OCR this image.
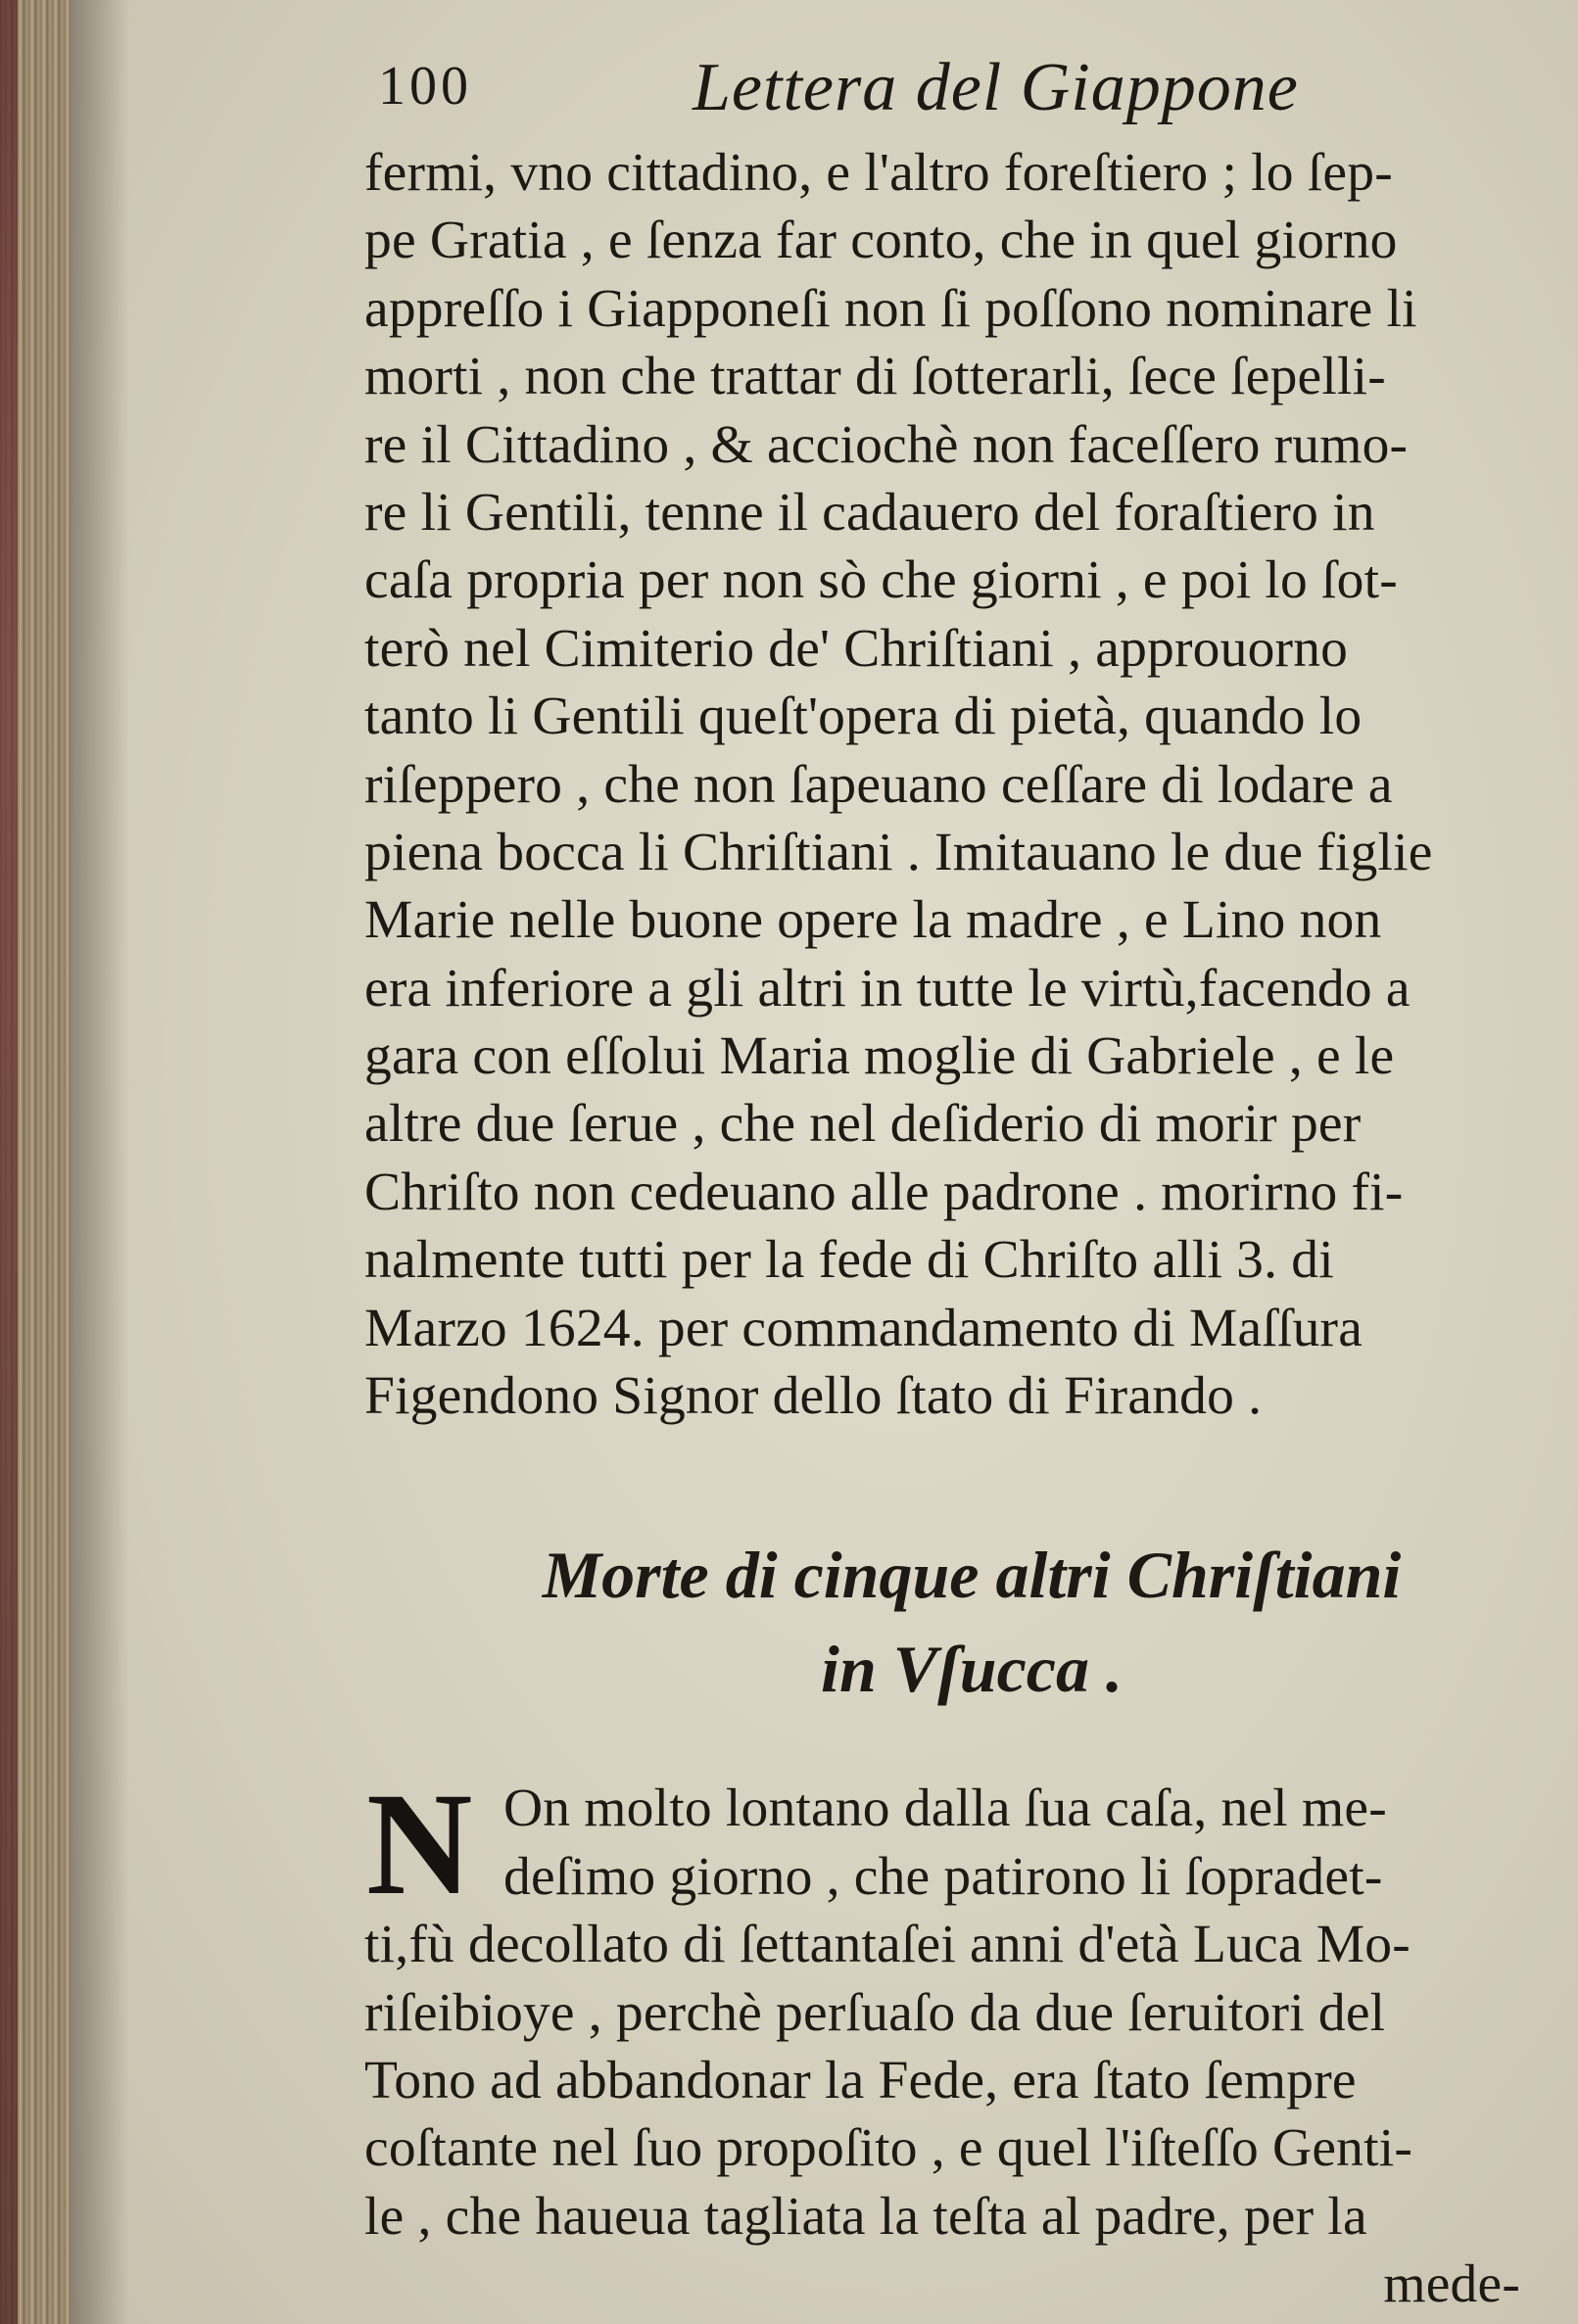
100	Lettera del Giappone
fermi, vno cittadino, e l'altro foreſtiero ; lo ſep-
pe Gratia , e ſenza far conto, che in quel giorno
appreſſo i Giapponeſi non ſi poſſono nominare li
morti , non che trattar di ſotterarli, ſece ſepelli-
re il Cittadino , & acciochè non faceſſero rumo-
re li Gentili, tenne il cadauero del foraſtiero in
caſa propria per non sò che giorni , e poi lo ſot-
terò nel Cimiterio de' Chriſtiani , approuorno
tanto li Gentili queſt'opera di pietà, quando lo
riſeppero , che non ſapeuano ceſſare di lodare a
piena bocca li Chriſtiani . Imitauano le due figlie
Marie nelle buone opere la madre , e Lino non
era inferiore a gli altri in tutte le virtù,facendo a
gara con eſſolui Maria moglie di Gabriele , e le
altre due ſerue , che nel deſiderio di morir per
Chriſto non cedeuano alle padrone . morirno fi-
nalmente tutti per la fede di Chriſto alli 3. di
Marzo 1624. per commandamento di Maſſura
Figendono Signor dello ſtato di Firando .
Morte di cinque altri Chriſtiani
in Vſucca .
N On molto lontano dalla ſua caſa, nel me-
deſimo giorno , che patirono li ſopradet-
ti,fù decollato di ſettantaſei anni d'età Luca Mo-
riſeibioye , perchè perſuaſo da due ſeruitori del
Tono ad abbandonar la Fede, era ſtato ſempre
coſtante nel ſuo propoſito , e quel l'iſteſſo Genti-
le , che haueua tagliata la teſta al padre, per la
mede-
